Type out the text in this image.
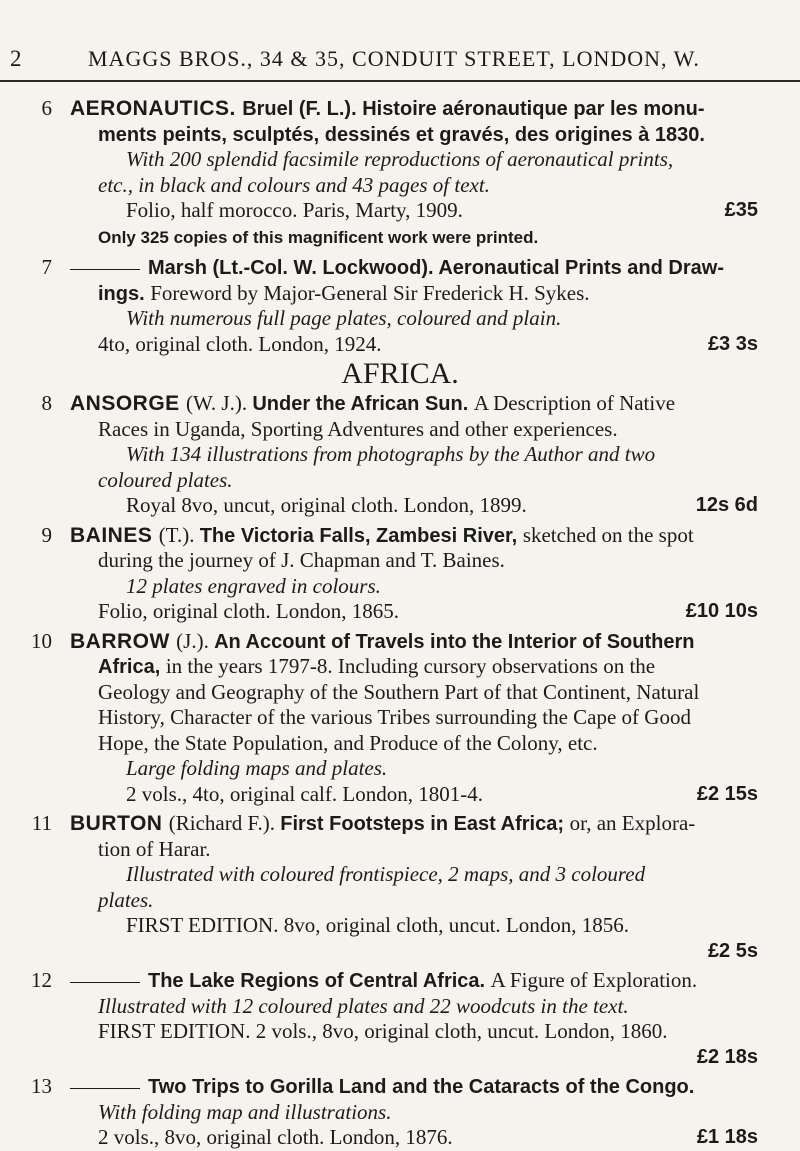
2	MAGGS BROS., 34 & 35, CONDUIT STREET, LONDON, W.
6 AERONAUTICS. Bruel (F. L.). Histoire aéronautique par les monu-
ments peints, sculptés, dessinés et gravés, des origines à 1830.
With 200 splendid facsimile reproductions of aeronautical prints,
etc., in black and colours and 43 pages of text.
Folio, half morocco. Paris, Marty, 1909.	£35
Only 325 copies of this magnificent work were printed.
7	Marsh (Lt.-Col. W. Lockwood). Aeronautical Prints and Draw-
ings. Foreword by Major-General Sir Frederick H. Sykes.
With numerous full page plates, coloured and plain.
4to, original cloth. London, 1924.	£3 3s
AFRICA.
8 ANSORGE (W. J.). Under the African Sun. A Description of Native
Races in Uganda, Sporting Adventures and other experiences.
With 134 illustrations from photographs by the Author and two
coloured plates.
Royal 8vo, uncut, original cloth. London, 1899.	12s 6d
9 BAINES (T.). The Victoria Falls, Zambesi River, sketched on the spot
during the journey of J. Chapman and T. Baines.
12 plates engraved in colours.
Folio, original cloth. London, 1865.	£10 10s
10 BARROW (J.). An Account of Travels into the Interior of Southern
Africa, in the years 1797-8. Including cursory observations on the
Geology and Geography of the Southern Part of that Continent, Natural
History, Character of the various Tribes surrounding the Cape of Good
Hope, the State Population, and Produce of the Colony, etc.
Large folding maps and plates.
2 vols., 4to, original calf. London, 1801-4.	£2 15s
11 BURTON (Richard F.). First Footsteps in East Africa; or, an Explora-
tion of Harar.
Illustrated with coloured frontispiece, 2 maps, and 3 coloured
plates.
FIRST EDITION. 8vo, original cloth, uncut. London, 1856.
£2 5s
12	The Lake Regions of Central Africa. A Figure of Exploration.
Illustrated with 12 coloured plates and 22 woodcuts in the text.
FIRST EDITION. 2 vols., 8vo, original cloth, uncut. London, 1860.
£2 18s
13	Two Trips to Gorilla Land and the Cataracts of the Congo.
With folding map and illustrations.
2 vols., 8vo, original cloth. London, 1876.	£1 18s
